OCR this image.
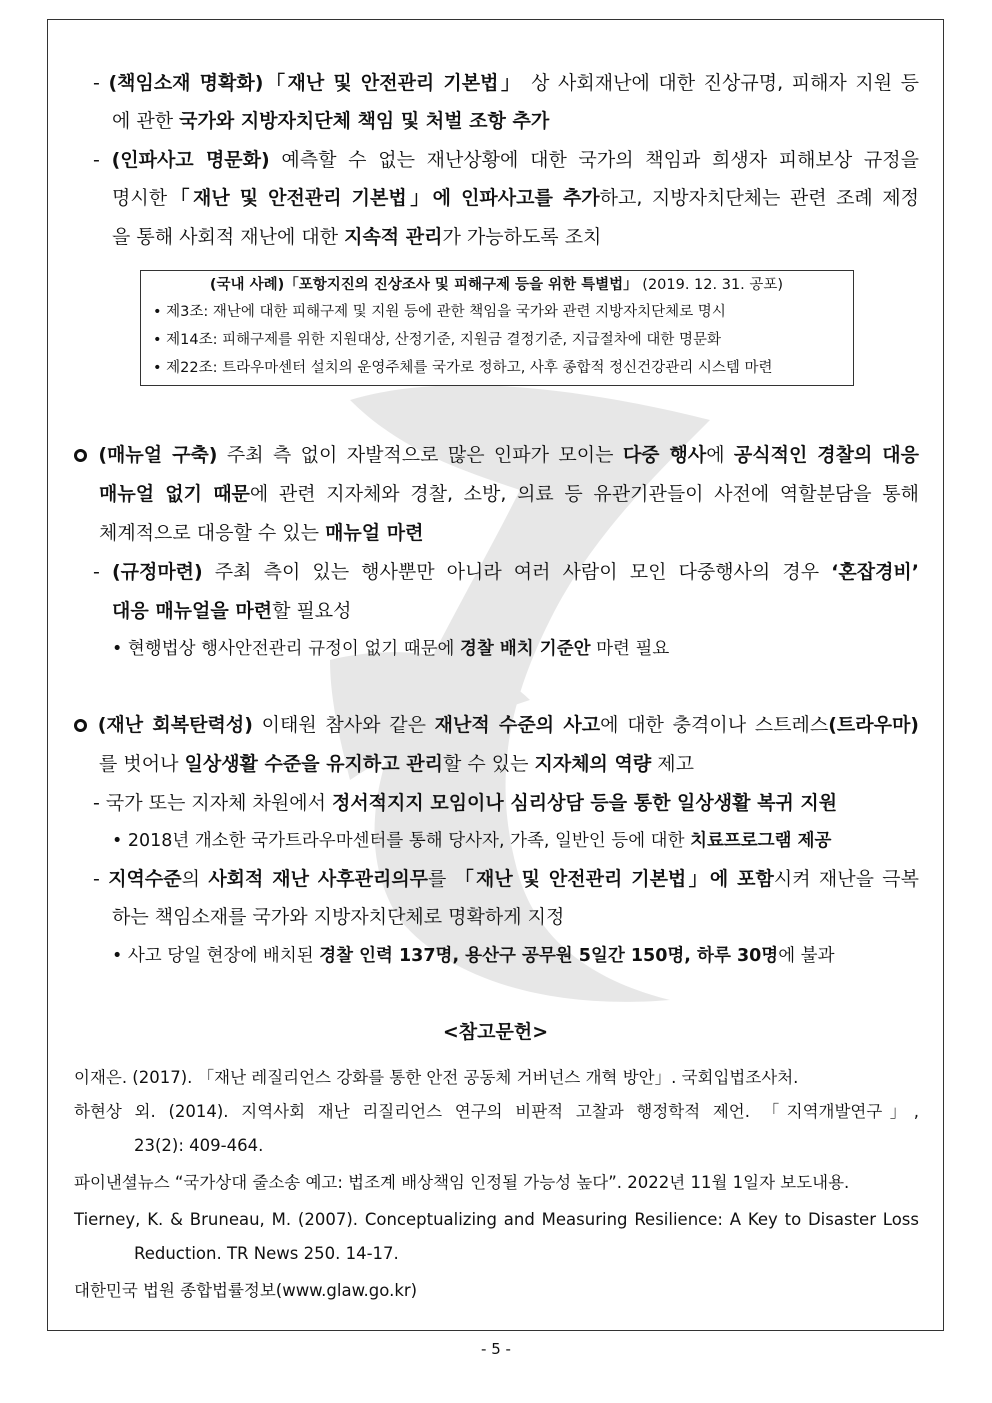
- (책임소재 명확화)「재난 및 안전관리 기본법」 상 사회재난에 대한 진상규명, 피해자 지원 등
에 관한 국가와 지방자치단체 책임 및 처벌 조항 추가
- (인파사고 명문화) 예측할 수 없는 재난상황에 대한 국가의 책임과 희생자 피해보상 규정을
명시한「재난 및 안전관리 기본법」에 인파사고를 추가하고, 지방자치단체는 관련 조례 제정
을 통해 사회적 재난에 대한 지속적 관리가 가능하도록 조치
(국내 사례)「포항지진의 진상조사 및 피해구제 등을 위한 특별법」 (2019. 12. 31. 공포)
• 제3조: 재난에 대한 피해구제 및 지원 등에 관한 책임을 국가와 관련 지방자치단체로 명시
• 제14조: 피해구제를 위한 지원대상, 산정기준, 지원금 결정기준, 지급절차에 대한 명문화
• 제22조: 트라우마센터 설치의 운영주체를 국가로 정하고, 사후 종합적 정신건강관리 시스템 마련
(매뉴얼 구축) 주최 측 없이 자발적으로 많은 인파가 모이는 다중 행사에 공식적인 경찰의 대응
매뉴얼 없기 때문에 관련 지자체와 경찰, 소방, 의료 등 유관기관들이 사전에 역할분담을 통해
체계적으로 대응할 수 있는 매뉴얼 마련
- (규정마련) 주최 측이 있는 행사뿐만 아니라 여러 사람이 모인 다중행사의 경우 ‘혼잡경비’
대응 매뉴얼을 마련할 필요성
• 현행법상 행사안전관리 규정이 없기 때문에 경찰 배치 기준안 마련 필요
(재난 회복탄력성) 이태원 참사와 같은 재난적 수준의 사고에 대한 충격이나 스트레스(트라우마)
를 벗어나 일상생활 수준을 유지하고 관리할 수 있는 지자체의 역량 제고
- 국가 또는 지자체 차원에서 정서적지지 모임이나 심리상담 등을 통한 일상생활 복귀 지원
• 2018년 개소한 국가트라우마센터를 통해 당사자, 가족, 일반인 등에 대한 치료프로그램 제공
- 지역수준의 사회적 재난 사후관리의무를 「재난 및 안전관리 기본법」에 포함시켜 재난을 극복
하는 책임소재를 국가와 지방자치단체로 명확하게 지정
• 사고 당일 현장에 배치된 경찰 인력 137명, 용산구 공무원 5일간 150명, 하루 30명에 불과
<참고문헌>
이재은. (2017). 「재난 레질리언스 강화를 통한 안전 공동체 거버넌스 개혁 방안」. 국회입법조사처.
하현상 외. (2014). 지역사회 재난 리질리언스 연구의 비판적 고찰과 행정학적 제언. 「지역개발연구」,
23(2): 409-464.
파이낸셜뉴스 “국가상대 줄소송 예고: 법조계 배상책임 인정될 가능성 높다”. 2022년 11월 1일자 보도내용.
Tierney, K. & Bruneau, M. (2007). Conceptualizing and Measuring Resilience: A Key to Disaster Loss
Reduction. TR News 250. 14-17.
대한민국 법원 종합법률정보(www.glaw.go.kr)
- 5 -
